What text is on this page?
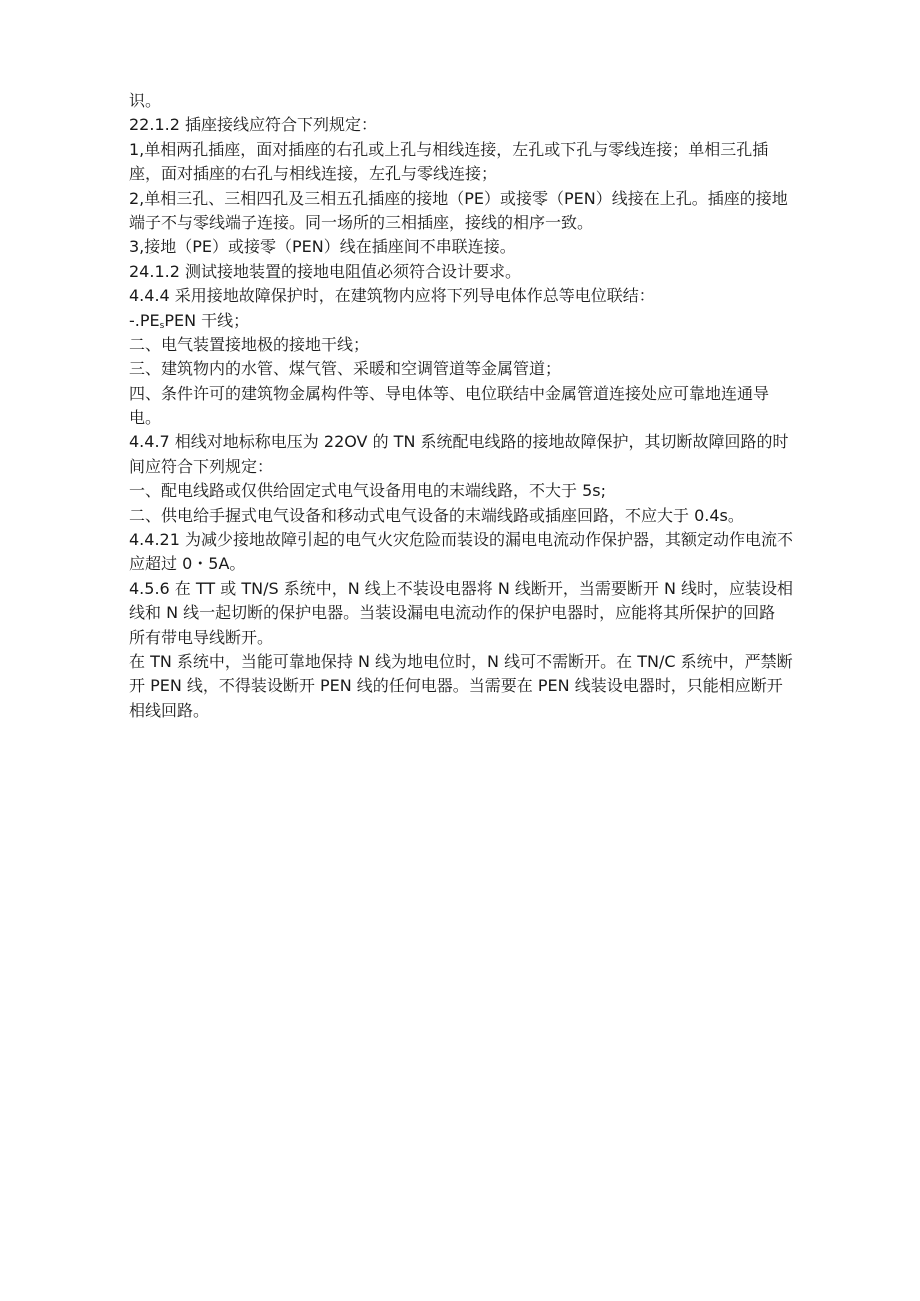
识。
22.1.2 插座接线应符合下列规定：
1,单相两孔插座，面对插座的右孔或上孔与相线连接，左孔或下孔与零线连接；单相三孔插
座，面对插座的右孔与相线连接，左孔与零线连接；
2,单相三孔、三相四孔及三相五孔插座的接地（PE）或接零（PEN）线接在上孔。插座的接地
端子不与零线端子连接。同一场所的三相插座，接线的相序一致。
3,接地（PE）或接零（PEN）线在插座间不串联连接。
24.1.2 测试接地装置的接地电阻值必须符合设计要求。
4.4.4 采用接地故障保护时，在建筑物内应将下列导电体作总等电位联结：
$-.PE_sPEN$ 干线；
二、电气装置接地极的接地干线；
三、建筑物内的水管、煤气管、采暖和空调管道等金属管道；
四、条件许可的建筑物金属构件等、导电体等、电位联结中金属管道连接处应可靠地连通导
电。
4.4.7 相线对地标称电压为 22OV 的 TN 系统配电线路的接地故障保护，其切断故障回路的时
间应符合下列规定：
一、配电线路或仅供给固定式电气设备用电的末端线路，不大于 5s;
二、供电给手握式电气设备和移动式电气设备的末端线路或插座回路，不应大于 0.4s。
4.4.21 为减少接地故障引起的电气火灾危险而装设的漏电电流动作保护器，其额定动作电流不
应超过 0・5A。
4.5.6 在 TT 或 TN/S 系统中，N 线上不装设电器将 N 线断开，当需要断开 N 线时，应装设相
线和 N 线一起切断的保护电器。当装设漏电电流动作的保护电器时，应能将其所保护的回路
所有带电导线断开。
在 TN 系统中，当能可靠地保持 N 线为地电位时，N 线可不需断开。在 TN/C 系统中，严禁断
开 PEN 线，不得装设断开 PEN 线的任何电器。当需要在 PEN 线装设电器时，只能相应断开
相线回路。
